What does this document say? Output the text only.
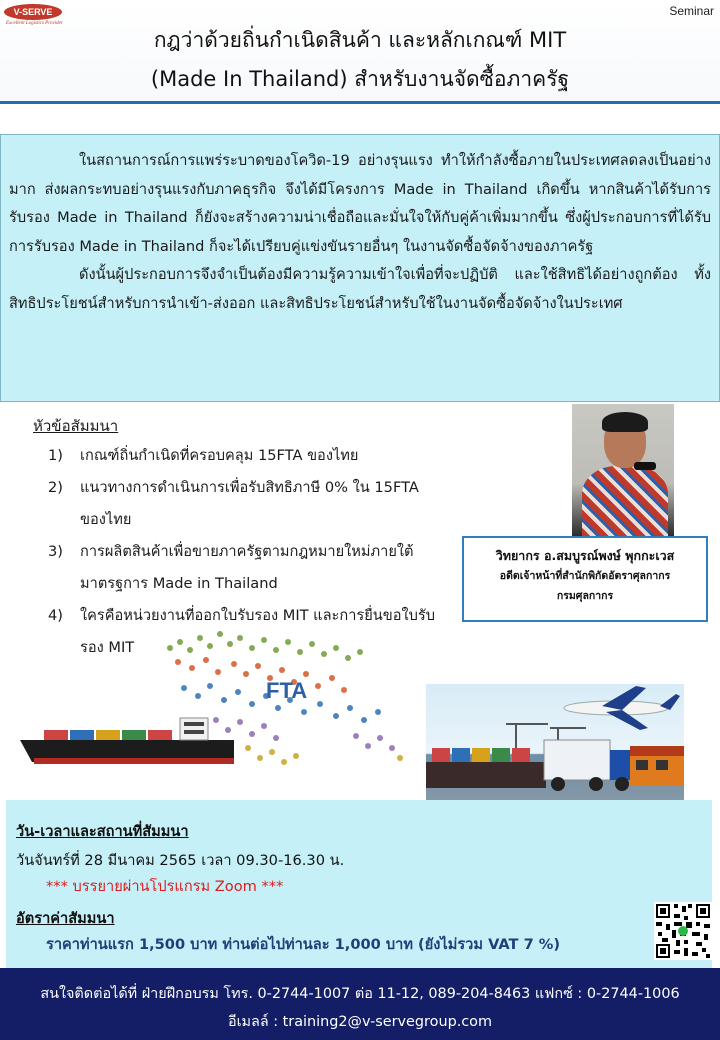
V-SERVE
Excellent Logistics Provider
Seminar
กฎว่าด้วยถิ่นกำเนิดสินค้า และหลักเกณฑ์ MIT
(Made In Thailand) สำหรับงานจัดซื้อภาครัฐ

ในสถานการณ์การแพร่ระบาดของโควิด-19 อย่างรุนแรง ทำให้กำลังซื้อภายในประเทศลดลงเป็นอย่างมาก ส่งผลกระทบอย่างรุนแรงกับภาคธุรกิจ จึงได้มีโครงการ Made in Thailand เกิดขึ้น หากสินค้าได้รับการรับรอง Made in Thailand ก็ยังจะสร้างความน่าเชื่อถือและมั่นใจให้กับคู่ค้าเพิ่มมากขึ้น ซึ่งผู้ประกอบการที่ได้รับการรับรอง Made in Thailand ก็จะได้เปรียบคู่แข่งขันรายอื่นๆ ในงานจัดซื้อจัดจ้างของภาครัฐ

ดังนั้นผู้ประกอบการจึงจำเป็นต้องมีความรู้ความเข้าใจเพื่อที่จะปฏิบัติ และใช้สิทธิได้อย่างถูกต้อง ทั้งสิทธิประโยชน์สำหรับการนำเข้า-ส่งออก และสิทธิประโยชน์สำหรับใช้ในงานจัดซื้อจัดจ้างในประเทศ

หัวข้อสัมมนา
1)	เกณฑ์ถิ่นกำเนิดที่ครอบคลุม 15FTA ของไทย
2)	แนวทางการดำเนินการเพื่อรับสิทธิภาษี 0% ใน 15FTA ของไทย
3)	การผลิตสินค้าเพื่อขายภาครัฐตามกฎหมายใหม่ภายใต้มาตรฐการ Made in Thailand
4)	ใครคือหน่วยงานที่ออกใบรับรอง MIT และการยื่นขอใบรับรอง MIT
วิทยากร อ.สมบูรณ์พงษ์ พุกกะเวส
อดีตเจ้าหน้าที่สำนักพิกัดอัตราศุลกากร
กรมศุลกากร
FTA
วัน-เวลาและสถานที่สัมมนา
วันจันทร์ที่ 28 มีนาคม 2565 เวลา 09.30-16.30 น.
*** บรรยายผ่านโปรแกรม Zoom ***
อัตราค่าสัมมนา
ราคาท่านแรก 1,500 บาท ท่านต่อไปท่านละ 1,000 บาท (ยังไม่รวม VAT 7 %)
สนใจติดต่อได้ที่ ฝ่ายฝึกอบรม โทร. 0-2744-1007 ต่อ 11-12, 089-204-8463 แฟกซ์ : 0-2744-1006
อีเมลล์ : training2@v-servegroup.com
